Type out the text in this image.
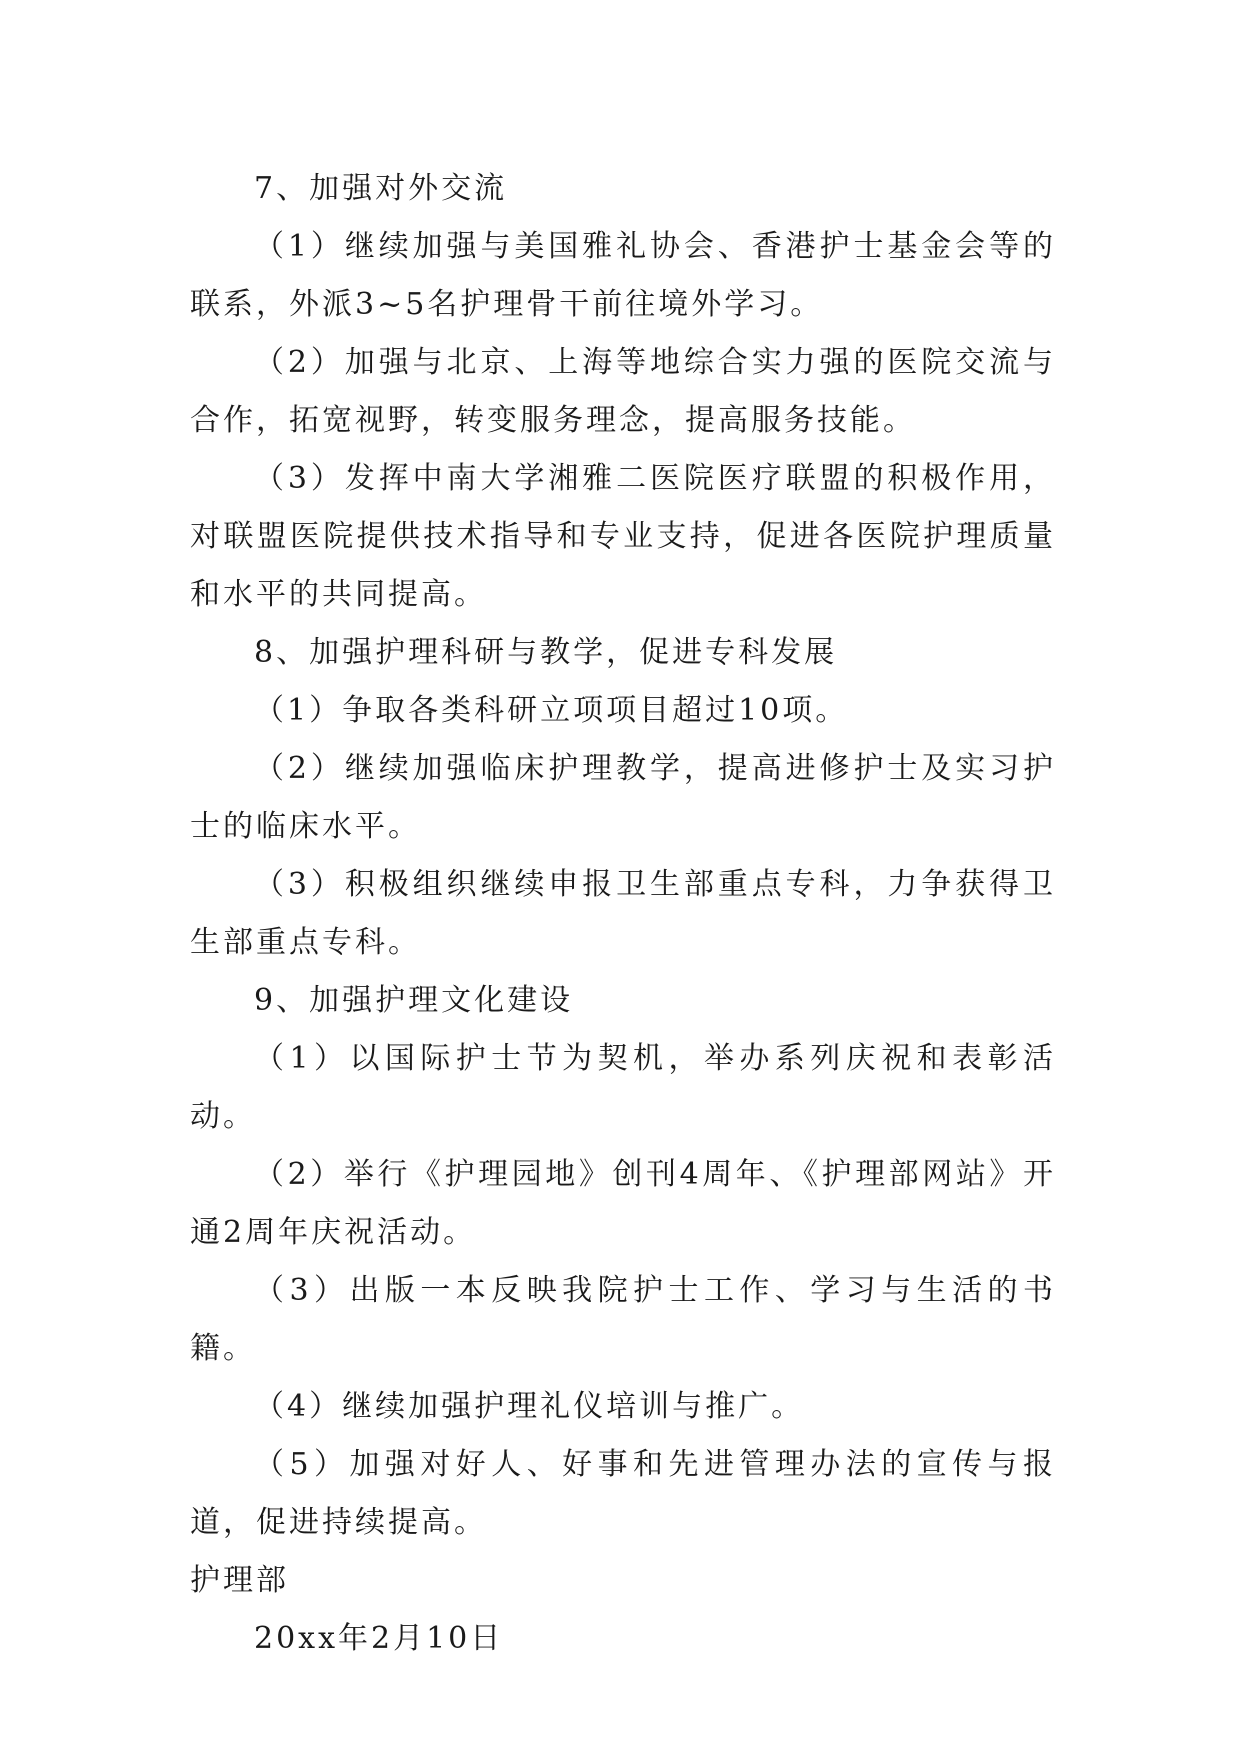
7、加强对外交流

（1）继续加强与美国雅礼协会、香港护士基金会等的联系，外派3~5名护理骨干前往境外学习。

（2）加强与北京、上海等地综合实力强的医院交流与合作，拓宽视野，转变服务理念，提高服务技能。

（3）发挥中南大学湘雅二医院医疗联盟的积极作用，对联盟医院提供技术指导和专业支持，促进各医院护理质量和水平的共同提高。

8、加强护理科研与教学，促进专科发展

（1）争取各类科研立项项目超过10项。

（2）继续加强临床护理教学，提高进修护士及实习护士的临床水平。

（3）积极组织继续申报卫生部重点专科，力争获得卫生部重点专科。

9、加强护理文化建设

（1）以国际护士节为契机，举办系列庆祝和表彰活动。

（2）举行《护理园地》创刊4周年、《护理部网站》开通2周年庆祝活动。

（3）出版一本反映我院护士工作、学习与生活的书籍。

（4）继续加强护理礼仪培训与推广。

（5）加强对好人、好事和先进管理办法的宣传与报道，促进持续提高。

护理部

20xx年2月10日
